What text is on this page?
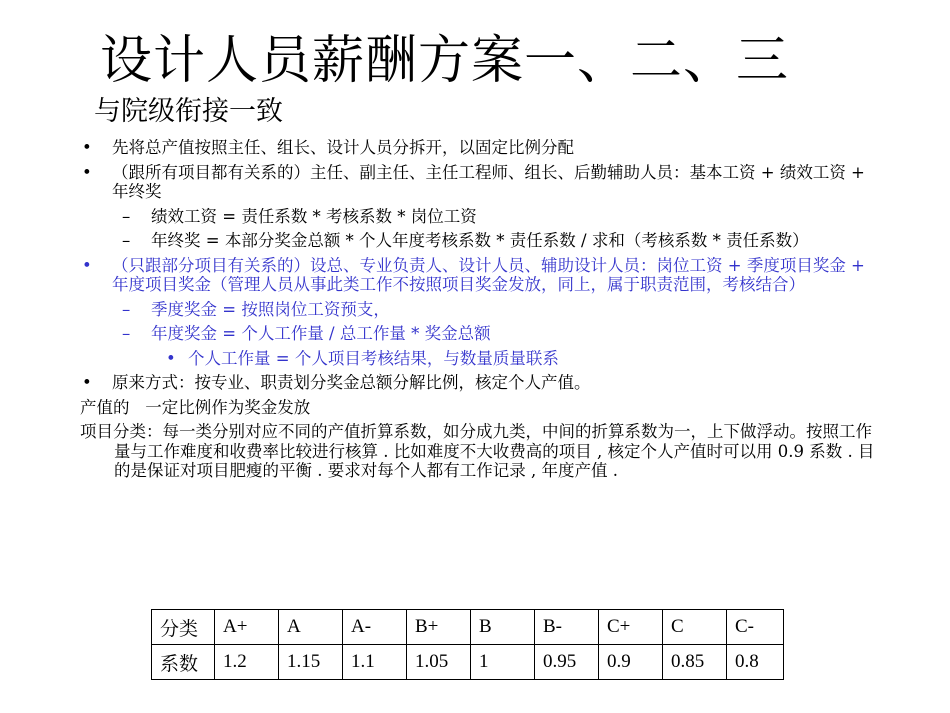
设计人员薪酬方案一、二、三
与院级衔接一致
• 先将总产值按照主任、组长、设计人员分拆开，以固定比例分配
• （跟所有项目都有关系的）主任、副主任、主任工程师、组长、后勤辅助人员：基本工资 + 绩效工资 + 年终奖
– 绩效工资 = 责任系数 * 考核系数 * 岗位工资
– 年终奖 = 本部分奖金总额 * 个人年度考核系数 * 责任系数 / 求和（考核系数 * 责任系数）
• （只跟部分项目有关系的）设总、专业负责人、设计人员、辅助设计人员：岗位工资 + 季度项目奖金 + 年度项目奖金（管理人员从事此类工作不按照项目奖金发放，同上，属于职责范围，考核结合）
– 季度奖金 = 按照岗位工资预支，
– 年度奖金 = 个人工作量 / 总工作量 * 奖金总额
• 个人工作量 = 个人项目考核结果，与数量质量联系
• 原来方式：按专业、职责划分奖金总额分解比例，核定个人产值。
产值的   一定比例作为奖金发放
项目分类：每一类分别对应不同的产值折算系数，如分成九类，中间的折算系数为一，上下做浮动。按照工作量与工作难度和收费率比较进行核算 . 比如难度不大收费高的项目 , 核定个人产值时可以用 0.9 系数 . 目的是保证对项目肥瘦的平衡 . 要求对每个人都有工作记录 , 年度产值 .
分类	A+	A	A-	B+	B	B-	C+	C	C-
系数	1.2	1.15	1.1	1.05	1	0.95	0.9	0.85	0.8
